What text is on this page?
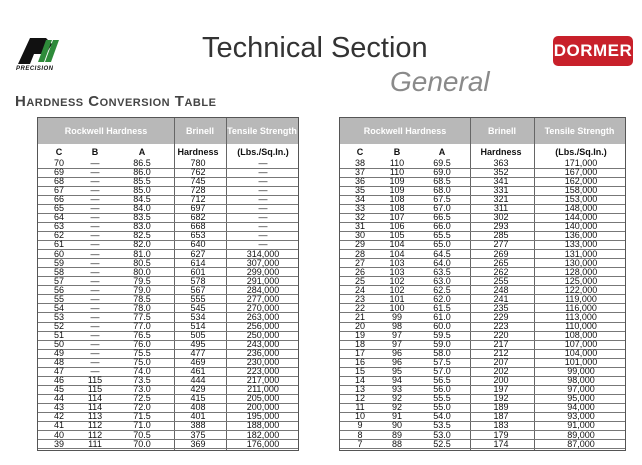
PRECISION
Technical Section
General
DORMER
Hardness Conversion Table
Rockwell Hardness	Brinell	Tensile Strength
C	B	A	Hardness	(Lbs./Sq.In.)
70	—	86.5	780	—
69	—	86.0	762	—
68	—	85.5	745	—
67	—	85.0	728	—
66	—	84.5	712	—
65	—	84.0	697	—
64	—	83.5	682	—
63	—	83.0	668	—
62	—	82.5	653	—
61	—	82.0	640	—
60	—	81.0	627	314,000
59	—	80.5	614	307,000
58	—	80.0	601	299,000
57	—	79.5	578	291,000
56	—	79.0	567	284,000
55	—	78.5	555	277,000
54	—	78.0	545	270,000
53	—	77.5	534	263,000
52	—	77.0	514	256,000
51	—	76.5	505	250,000
50	—	76.0	495	243,000
49	—	75.5	477	236,000
48	—	75.0	469	230,000
47	—	74.0	461	223,000
46	115	73.5	444	217,000
45	115	73.0	429	211,000
44	114	72.5	415	205,000
43	114	72.0	408	200,000
42	113	71.5	401	195,000
41	112	71.0	388	188,000
40	112	70.5	375	182,000
39	111	70.0	369	176,000
Rockwell Hardness	Brinell	Tensile Strength
C	B	A	Hardness	(Lbs./Sq.In.)
38	110	69.5	363	171,000
37	110	69.0	352	167,000
36	109	68.5	341	162,000
35	109	68.0	331	158,000
34	108	67.5	321	153,000
33	108	67.0	311	148,000
32	107	66.5	302	144,000
31	106	66.0	293	140,000
30	105	65.5	285	136,000
29	104	65.0	277	133,000
28	104	64.5	269	131,000
27	103	64.0	265	130,000
26	103	63.5	262	128,000
25	102	63.0	255	125,000
24	102	62.5	248	122,000
23	101	62.0	241	119,000
22	100	61.5	235	116,000
21	99	61.0	229	113,000
20	98	60.0	223	110,000
19	97	59.5	220	108,000
18	97	59.0	217	107,000
17	96	58.0	212	104,000
16	96	57.5	207	101,000
15	95	57.0	202	99,000
14	94	56.5	200	98,000
13	93	56.0	197	97,000
12	92	55.5	192	95,000
11	92	55.0	189	94,000
10	91	54.0	187	93,000
9	90	53.5	183	91,000
8	89	53.0	179	89,000
7	88	52.5	174	87,000
